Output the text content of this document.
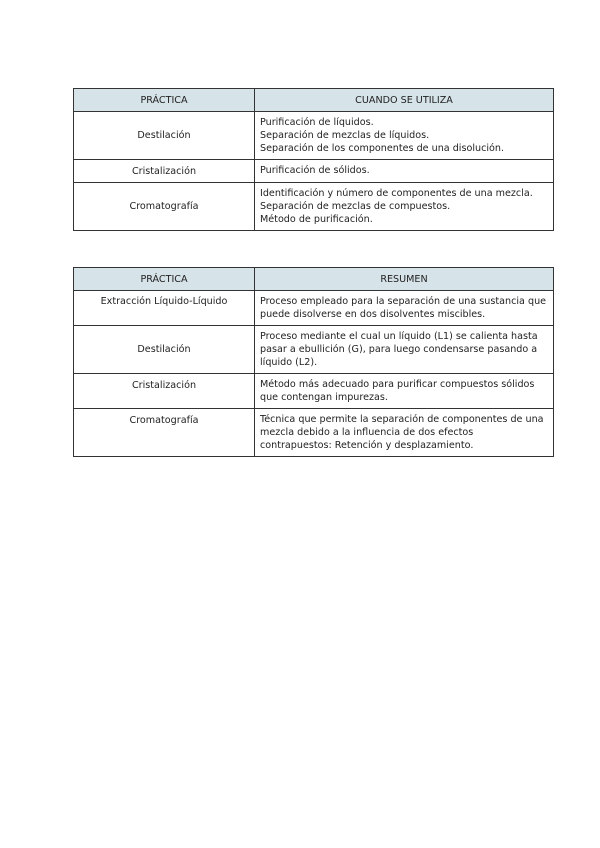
PRÁCTICA	CUANDO SE UTILIZA
Destilación	Purificación de líquidos.
Separación de mezclas de líquidos.
Separación de los componentes de una disolución.

Cristalización	Purificación de sólidos.

Cromatografía	Identificación y número de componentes de una mezcla.
Separación de mezclas de compuestos.
Método de purificación.
PRÁCTICA	RESUMEN
Extracción Líquido-Líquido	Proceso empleado para la separación de una sustancia que puede disolverse en dos disolventes miscibles.

Destilación	Proceso mediante el cual un líquido (L1) se calienta hasta pasar a ebullición (G), para luego condensarse pasando a líquido (L2).

Cristalización	Método más adecuado para purificar compuestos sólidos que contengan impurezas.

Cromatografía	Técnica que permite la separación de componentes de una mezcla debido a la influencia de dos efectos contrapuestos: Retención y desplazamiento.
